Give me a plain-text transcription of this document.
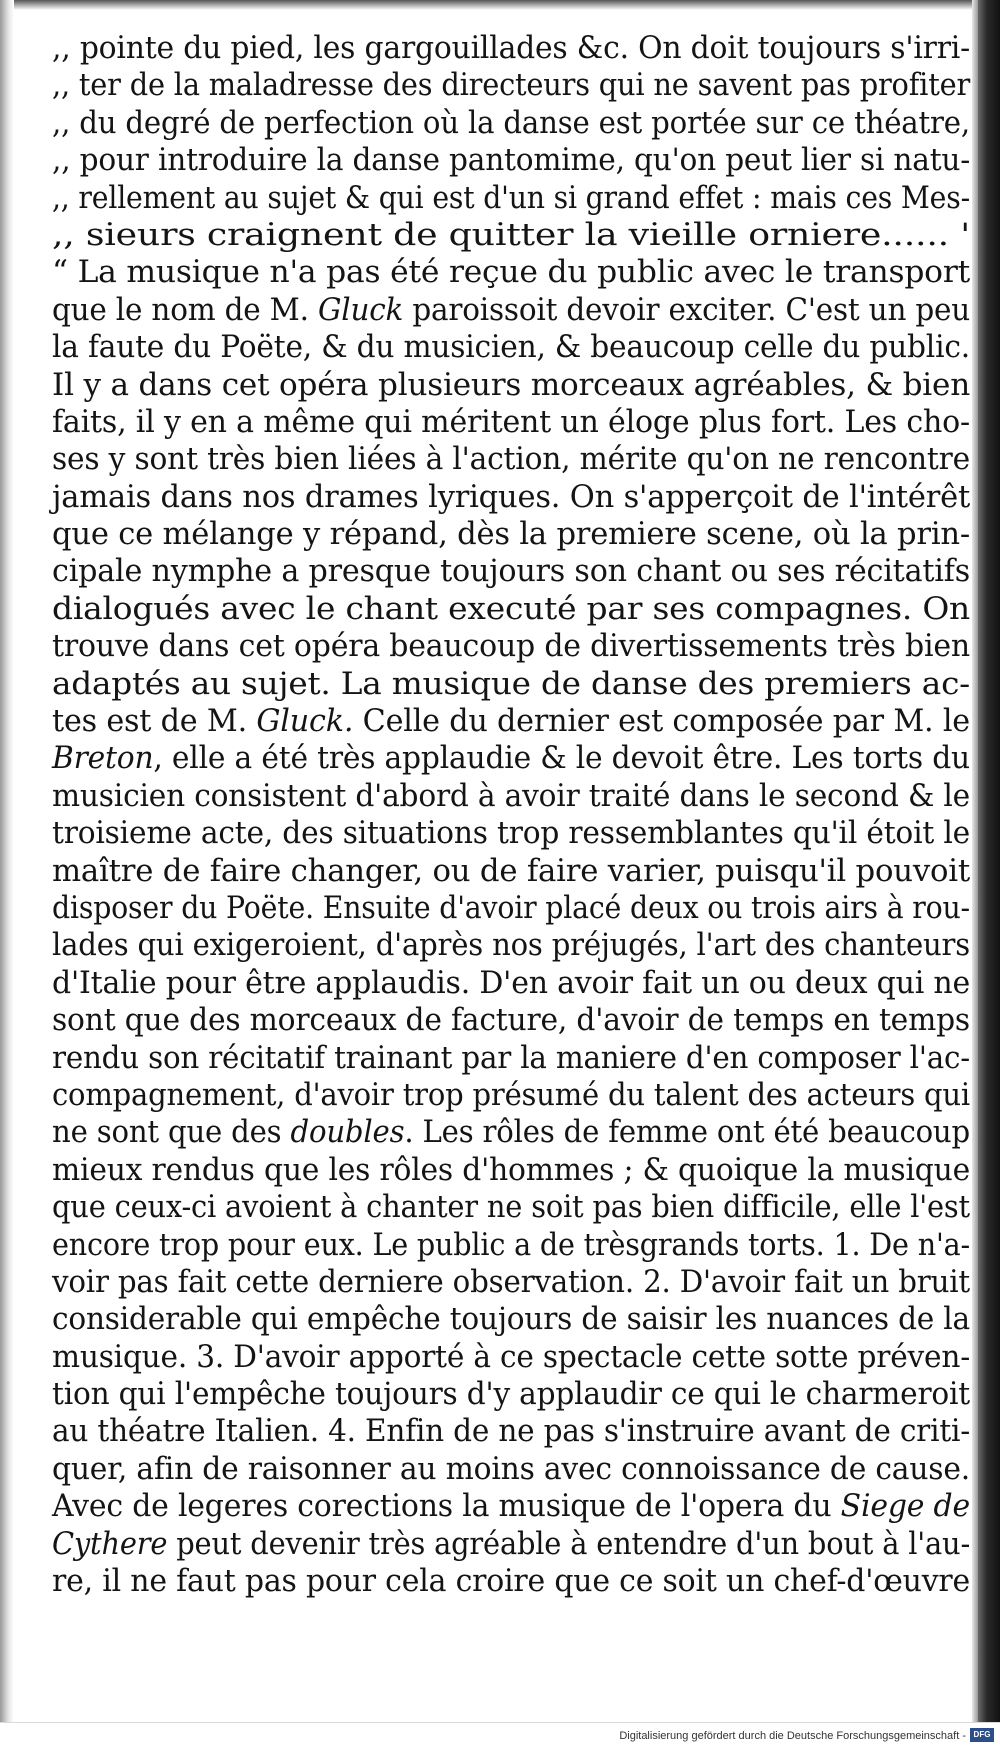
,, pointe du pied, les gargouillades &c. On doit toujours s'irri-
,, ter de la maladresse des directeurs qui ne savent pas profiter
,, du degré de perfection où la danse est portée sur ce théatre,
,, pour introduire la danse pantomime, qu'on peut lier si natu-
,, rellement au sujet & qui est d'un si grand effet : mais ces Mes-
,, sieurs craignent de quitter la vieille orniere...... '
“ La musique n'a pas été reçue du public avec le transport
que le nom de M. Gluck paroissoit devoir exciter. C'est un peu
la faute du Poëte, & du musicien, & beaucoup celle du public.
Il y a dans cet opéra plusieurs morceaux agréables, & bien
faits, il y en a même qui méritent un éloge plus fort. Les cho-
ses y sont très bien liées à l'action, mérite qu'on ne rencontre
jamais dans nos drames lyriques. On s'apperçoit de l'intérêt
que ce mélange y répand, dès la premiere scene, où la prin-
cipale nymphe a presque toujours son chant ou ses récitatifs
dialogués avec le chant executé par ses compagnes. On
trouve dans cet opéra beaucoup de divertissements très bien
adaptés au sujet. La musique de danse des premiers ac-
tes est de M. Gluck. Celle du dernier est composée par M. le
Breton, elle a été très applaudie & le devoit être. Les torts du
musicien consistent d'abord à avoir traité dans le second & le
troisieme acte, des situations trop ressemblantes qu'il étoit le
maître de faire changer, ou de faire varier, puisqu'il pouvoit
disposer du Poëte. Ensuite d'avoir placé deux ou trois airs à rou-
lades qui exigeroient, d'après nos préjugés, l'art des chanteurs
d'Italie pour être applaudis. D'en avoir fait un ou deux qui ne
sont que des morceaux de facture, d'avoir de temps en temps
rendu son récitatif trainant par la maniere d'en composer l'ac-
compagnement, d'avoir trop présumé du talent des acteurs qui
ne sont que des doubles. Les rôles de femme ont été beaucoup
mieux rendus que les rôles d'hommes ; & quoique la musique
que ceux-ci avoient à chanter ne soit pas bien difficile, elle l'est
encore trop pour eux. Le public a de trèsgrands torts. 1. De n'a-
voir pas fait cette derniere observation. 2. D'avoir fait un bruit
considerable qui empêche toujours de saisir les nuances de la
musique. 3. D'avoir apporté à ce spectacle cette sotte préven-
tion qui l'empêche toujours d'y applaudir ce qui le charmeroit
au théatre Italien. 4. Enfin de ne pas s'instruire avant de criti-
quer, afin de raisonner au moins avec connoissance de cause.
Avec de legeres corections la musique de l'opera du Siege de
Cythere peut devenir très agréable à entendre d'un bout à l'au-
re, il ne faut pas pour cela croire que ce soit un chef-d'œuvre
Digitalisierung gefördert durch die Deutsche Forschungsgemeinschaft - DFG
